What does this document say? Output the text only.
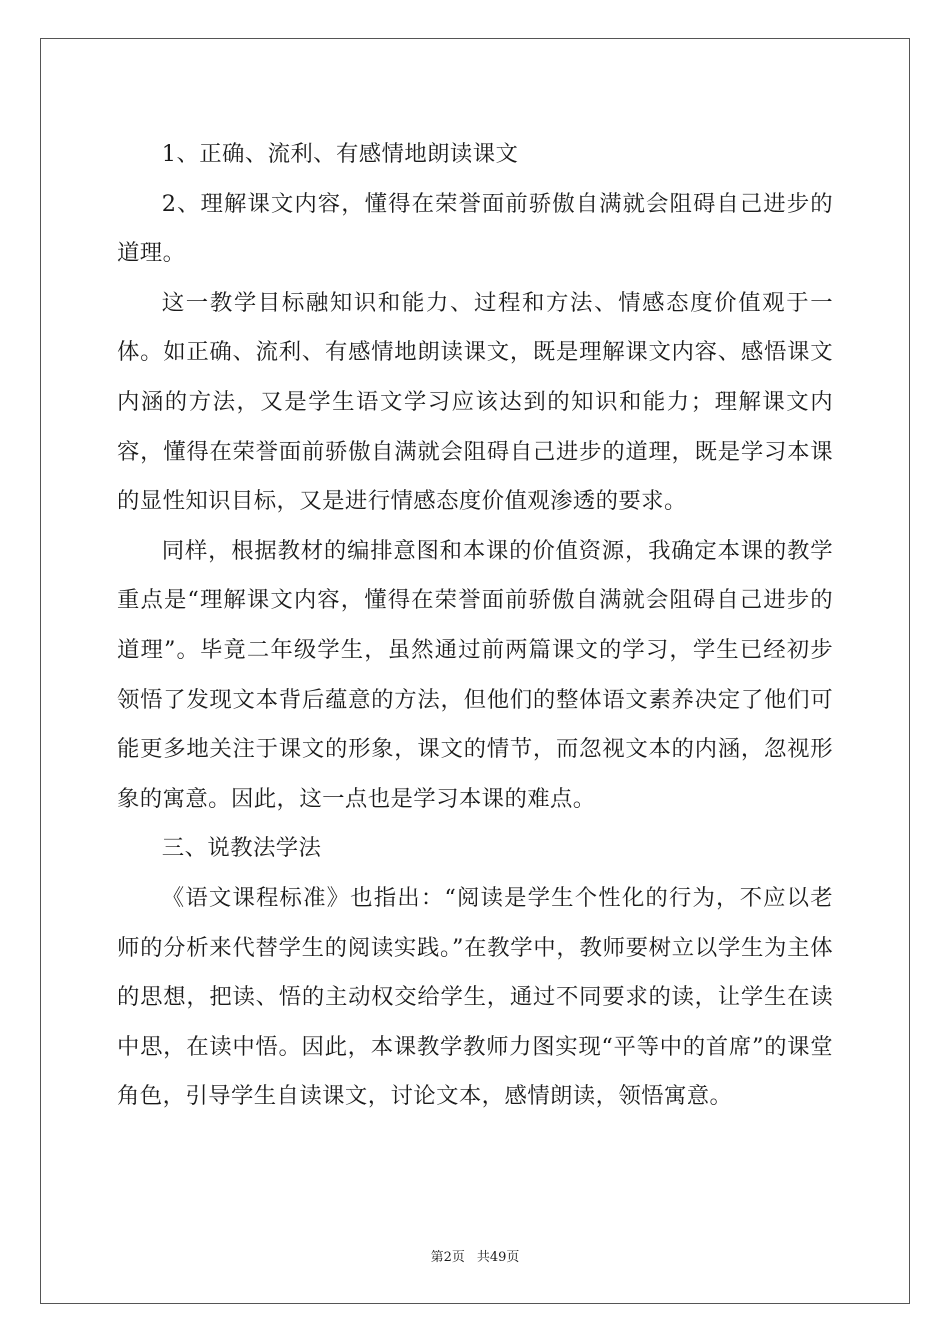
1、正确、流利、有感情地朗读课文

2、理解课文内容，懂得在荣誉面前骄傲自满就会阻碍自己进步的道理。

这一教学目标融知识和能力、过程和方法、情感态度价值观于一体。如正确、流利、有感情地朗读课文，既是理解课文内容、感悟课文内涵的方法，又是学生语文学习应该达到的知识和能力；理解课文内容，懂得在荣誉面前骄傲自满就会阻碍自己进步的道理，既是学习本课的显性知识目标，又是进行情感态度价值观渗透的要求。

同样，根据教材的编排意图和本课的价值资源，我确定本课的教学重点是“理解课文内容，懂得在荣誉面前骄傲自满就会阻碍自己进步的道理”。毕竟二年级学生，虽然通过前两篇课文的学习，学生已经初步领悟了发现文本背后蕴意的方法，但他们的整体语文素养决定了他们可能更多地关注于课文的形象，课文的情节，而忽视文本的内涵，忽视形象的寓意。因此，这一点也是学习本课的难点。

三、说教法学法

《语文课程标准》也指出：“阅读是学生个性化的行为，不应以老师的分析来代替学生的阅读实践。”在教学中，教师要树立以学生为主体的思想，把读、悟的主动权交给学生，通过不同要求的读，让学生在读中思，在读中悟。因此，本课教学教师力图实现“平等中的首席”的课堂角色，引导学生自读课文，讨论文本，感情朗读，领悟寓意。

第2页 共49页
